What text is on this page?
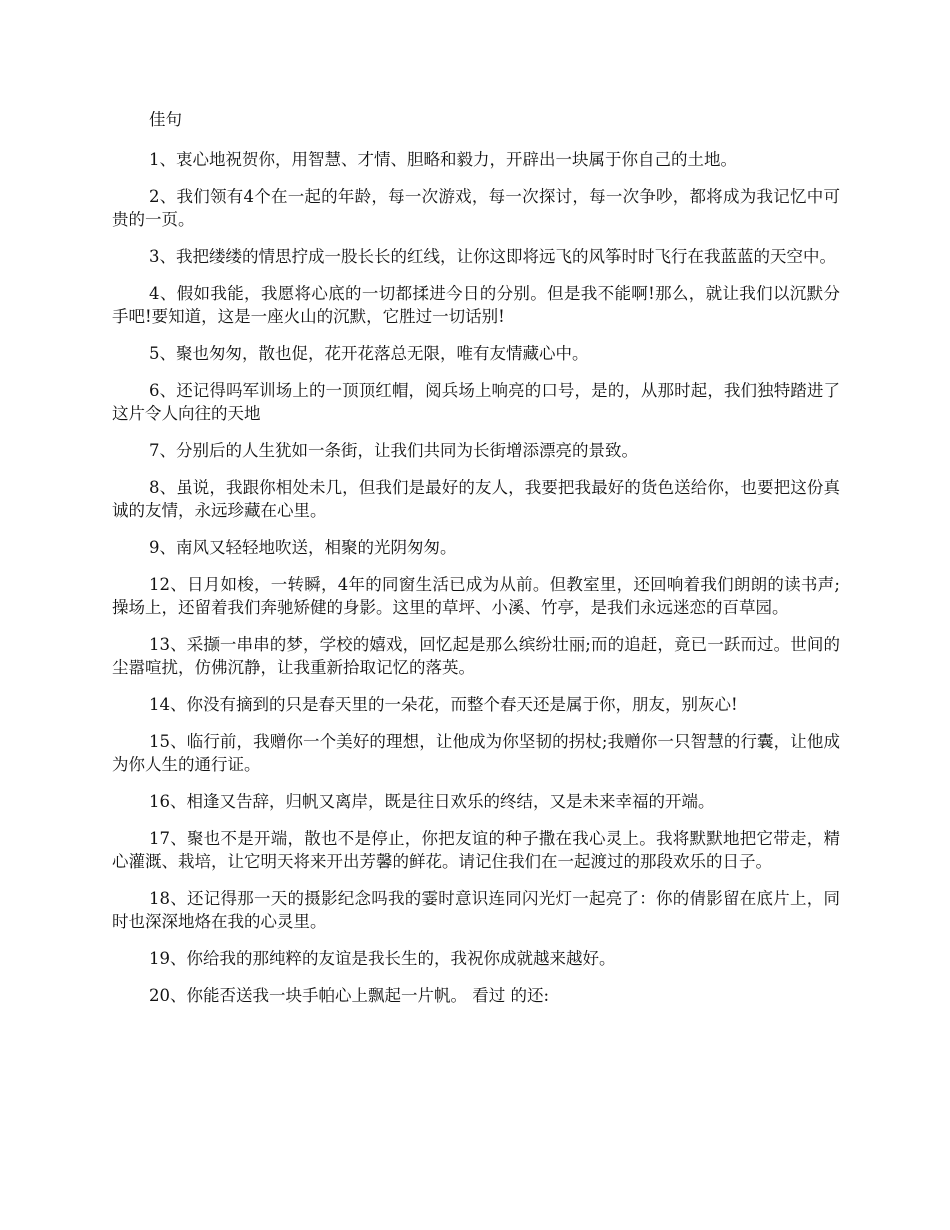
佳句

1、衷心地祝贺你，用智慧、才情、胆略和毅力，开辟出一块属于你自己的土地。

2、我们领有4个在一起的年龄，每一次游戏，每一次探讨，每一次争吵，都将成为我记忆中可贵的一页。

3、我把缕缕的情思拧成一股长长的红线，让你这即将远飞的风筝时时飞行在我蓝蓝的天空中。

4、假如我能，我愿将心底的一切都揉进今日的分别。但是我不能啊!那么，就让我们以沉默分手吧!要知道，这是一座火山的沉默，它胜过一切话别!

5、聚也匆匆，散也促，花开花落总无限，唯有友情藏心中。

6、还记得吗军训场上的一顶顶红帽，阅兵场上响亮的口号，是的，从那时起，我们独特踏进了这片令人向往的天地

7、分别后的人生犹如一条街，让我们共同为长街增添漂亮的景致。

8、虽说，我跟你相处未几，但我们是最好的友人，我要把我最好的货色送给你，也要把这份真诚的友情，永远珍藏在心里。

9、南风又轻轻地吹送，相聚的光阴匆匆。

12、日月如梭，一转瞬，4年的同窗生活已成为从前。但教室里，还回响着我们朗朗的读书声;操场上，还留着我们奔驰矫健的身影。这里的草坪、小溪、竹亭，是我们永远迷恋的百草园。

13、采撷一串串的梦，学校的嬉戏，回忆起是那么缤纷壮丽;而的追赶，竟已一跃而过。世间的尘嚣喧扰，仿佛沉静，让我重新拾取记忆的落英。

14、你没有摘到的只是春天里的一朵花，而整个春天还是属于你，朋友，别灰心!

15、临行前，我赠你一个美好的理想，让他成为你坚韧的拐杖;我赠你一只智慧的行囊，让他成为你人生的通行证。

16、相逢又告辞，归帆又离岸，既是往日欢乐的终结，又是未来幸福的开端。

17、聚也不是开端，散也不是停止，你把友谊的种子撒在我心灵上。我将默默地把它带走，精心灌溉、栽培，让它明天将来开出芳馨的鲜花。请记住我们在一起渡过的那段欢乐的日子。

18、还记得那一天的摄影纪念吗我的霎时意识连同闪光灯一起亮了：你的倩影留在底片上，同时也深深地烙在我的心灵里。

19、你给我的那纯粹的友谊是我长生的，我祝你成就越来越好。

20、你能否送我一块手帕心上飘起一片帆。 看过 的还:
